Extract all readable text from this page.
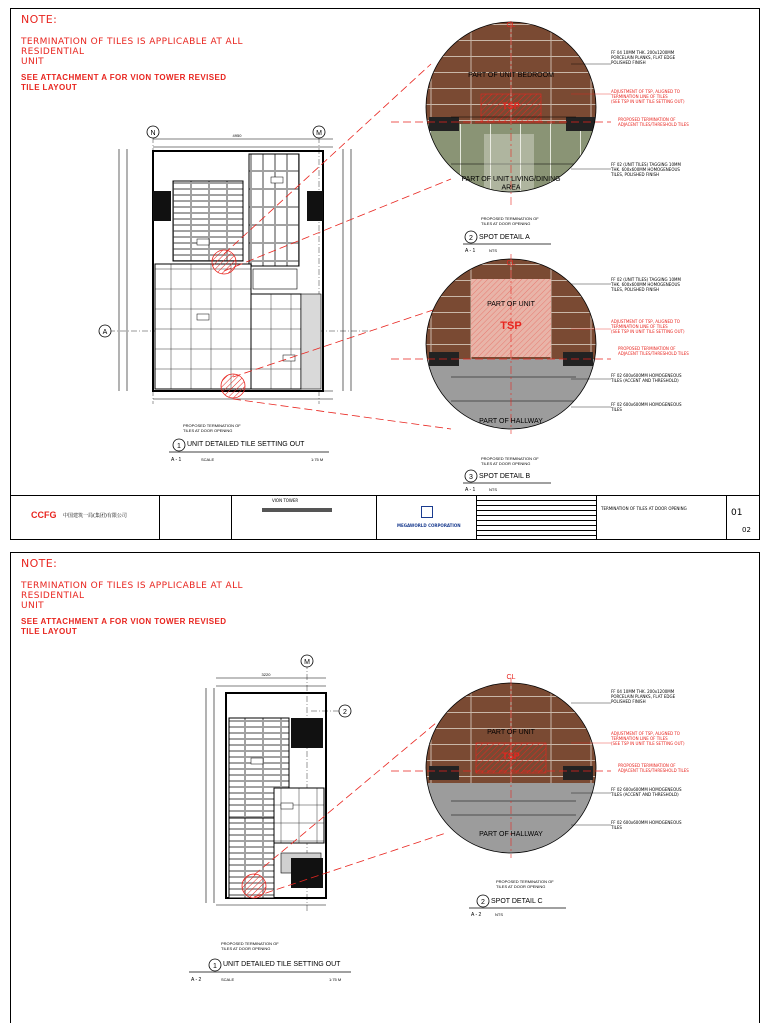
NOTE:
TERMINATION OF TILES IS APPLICABLE AT ALL RESIDENTIAL
UNIT
SEE ATTACHMENT A FOR VION TOWER REVISED
TILE LAYOUT
N	M
A
4950
PROPOSED TERMINATION OF TILES AT DOOR OPENING
1 UNIT DETAILED TILE SETTING OUT
A - 1	SCALE	1:75 M
CL
PART OF UNIT BEDROOM
TSP
PART OF UNIT LIVING/DINING AREA
CL
PART OF UNIT
TSP
PART OF HALLWAY
PROPOSED TERMINATION OF TILES AT DOOR OPENING
2 SPOT DETAIL A
A - 1	NTS
PROPOSED TERMINATION OF TILES AT DOOR OPENING
3 SPOT DETAIL B
A - 1	NTS
FF 04 10MM THK. 200x1200MM
PORCELAIN PLANKS, FLAT EDGE
POLISHED FINISH
ADJUSTMENT OF TSP, ALIGNED TO
TERMINATION LINE OF TILES
(SEE TSP IN UNIT TILE SETTING OUT)
PROPOSED TERMINATION OF
ADJACENT TILES/THRESHOLD TILES
FF 02 (UNIT TILES) TAGGING 10MM
THK. 600x600MM HOMOGENEOUS
TILES, POLISHED FINISH
FF 02 (UNIT TILES) TAGGING 10MM
THK. 600x600MM HOMOGENEOUS
TILES, POLISHED FINISH
ADJUSTMENT OF TSP, ALIGNED TO
TERMINATION LINE OF TILES
(SEE TSP IN UNIT TILE SETTING OUT)
PROPOSED TERMINATION OF
ADJACENT TILES/THRESHOLD TILES
FF 02 600x600MM HOMOGENEOUS
TILES (ACCENT AND THRESHOLD)
FF 02 600x600MM HOMOGENEOUS
TILES
CCFG 中国建筑一局(集团)有限公司
VION TOWER
MEGAWORLD CORPORATION
TERMINATION OF TILES AT DOOR OPENING	01
02
NOTE:
TERMINATION OF TILES IS APPLICABLE AT ALL RESIDENTIAL
UNIT
SEE ATTACHMENT A FOR VION TOWER REVISED
TILE LAYOUT
M
2
3220
PROPOSED TERMINATION OF TILES AT DOOR OPENING
1 UNIT DETAILED TILE SETTING OUT
A - 2	SCALE	1:75 M
CL
PART OF UNIT
TSP
PART OF HALLWAY
PROPOSED TERMINATION OF TILES AT DOOR OPENING
2 SPOT DETAIL C
A - 2	NTS
FF 04 10MM THK. 200x1200MM
PORCELAIN PLANKS, FLAT EDGE
POLISHED FINISH
ADJUSTMENT OF TSP, ALIGNED TO
TERMINATION LINE OF TILES
(SEE TSP IN UNIT TILE SETTING OUT)
PROPOSED TERMINATION OF
ADJACENT TILES/THRESHOLD TILES
FF 02 600x600MM HOMOGENEOUS
TILES (ACCENT AND THRESHOLD)
FF 02 600x600MM HOMOGENEOUS
TILES
